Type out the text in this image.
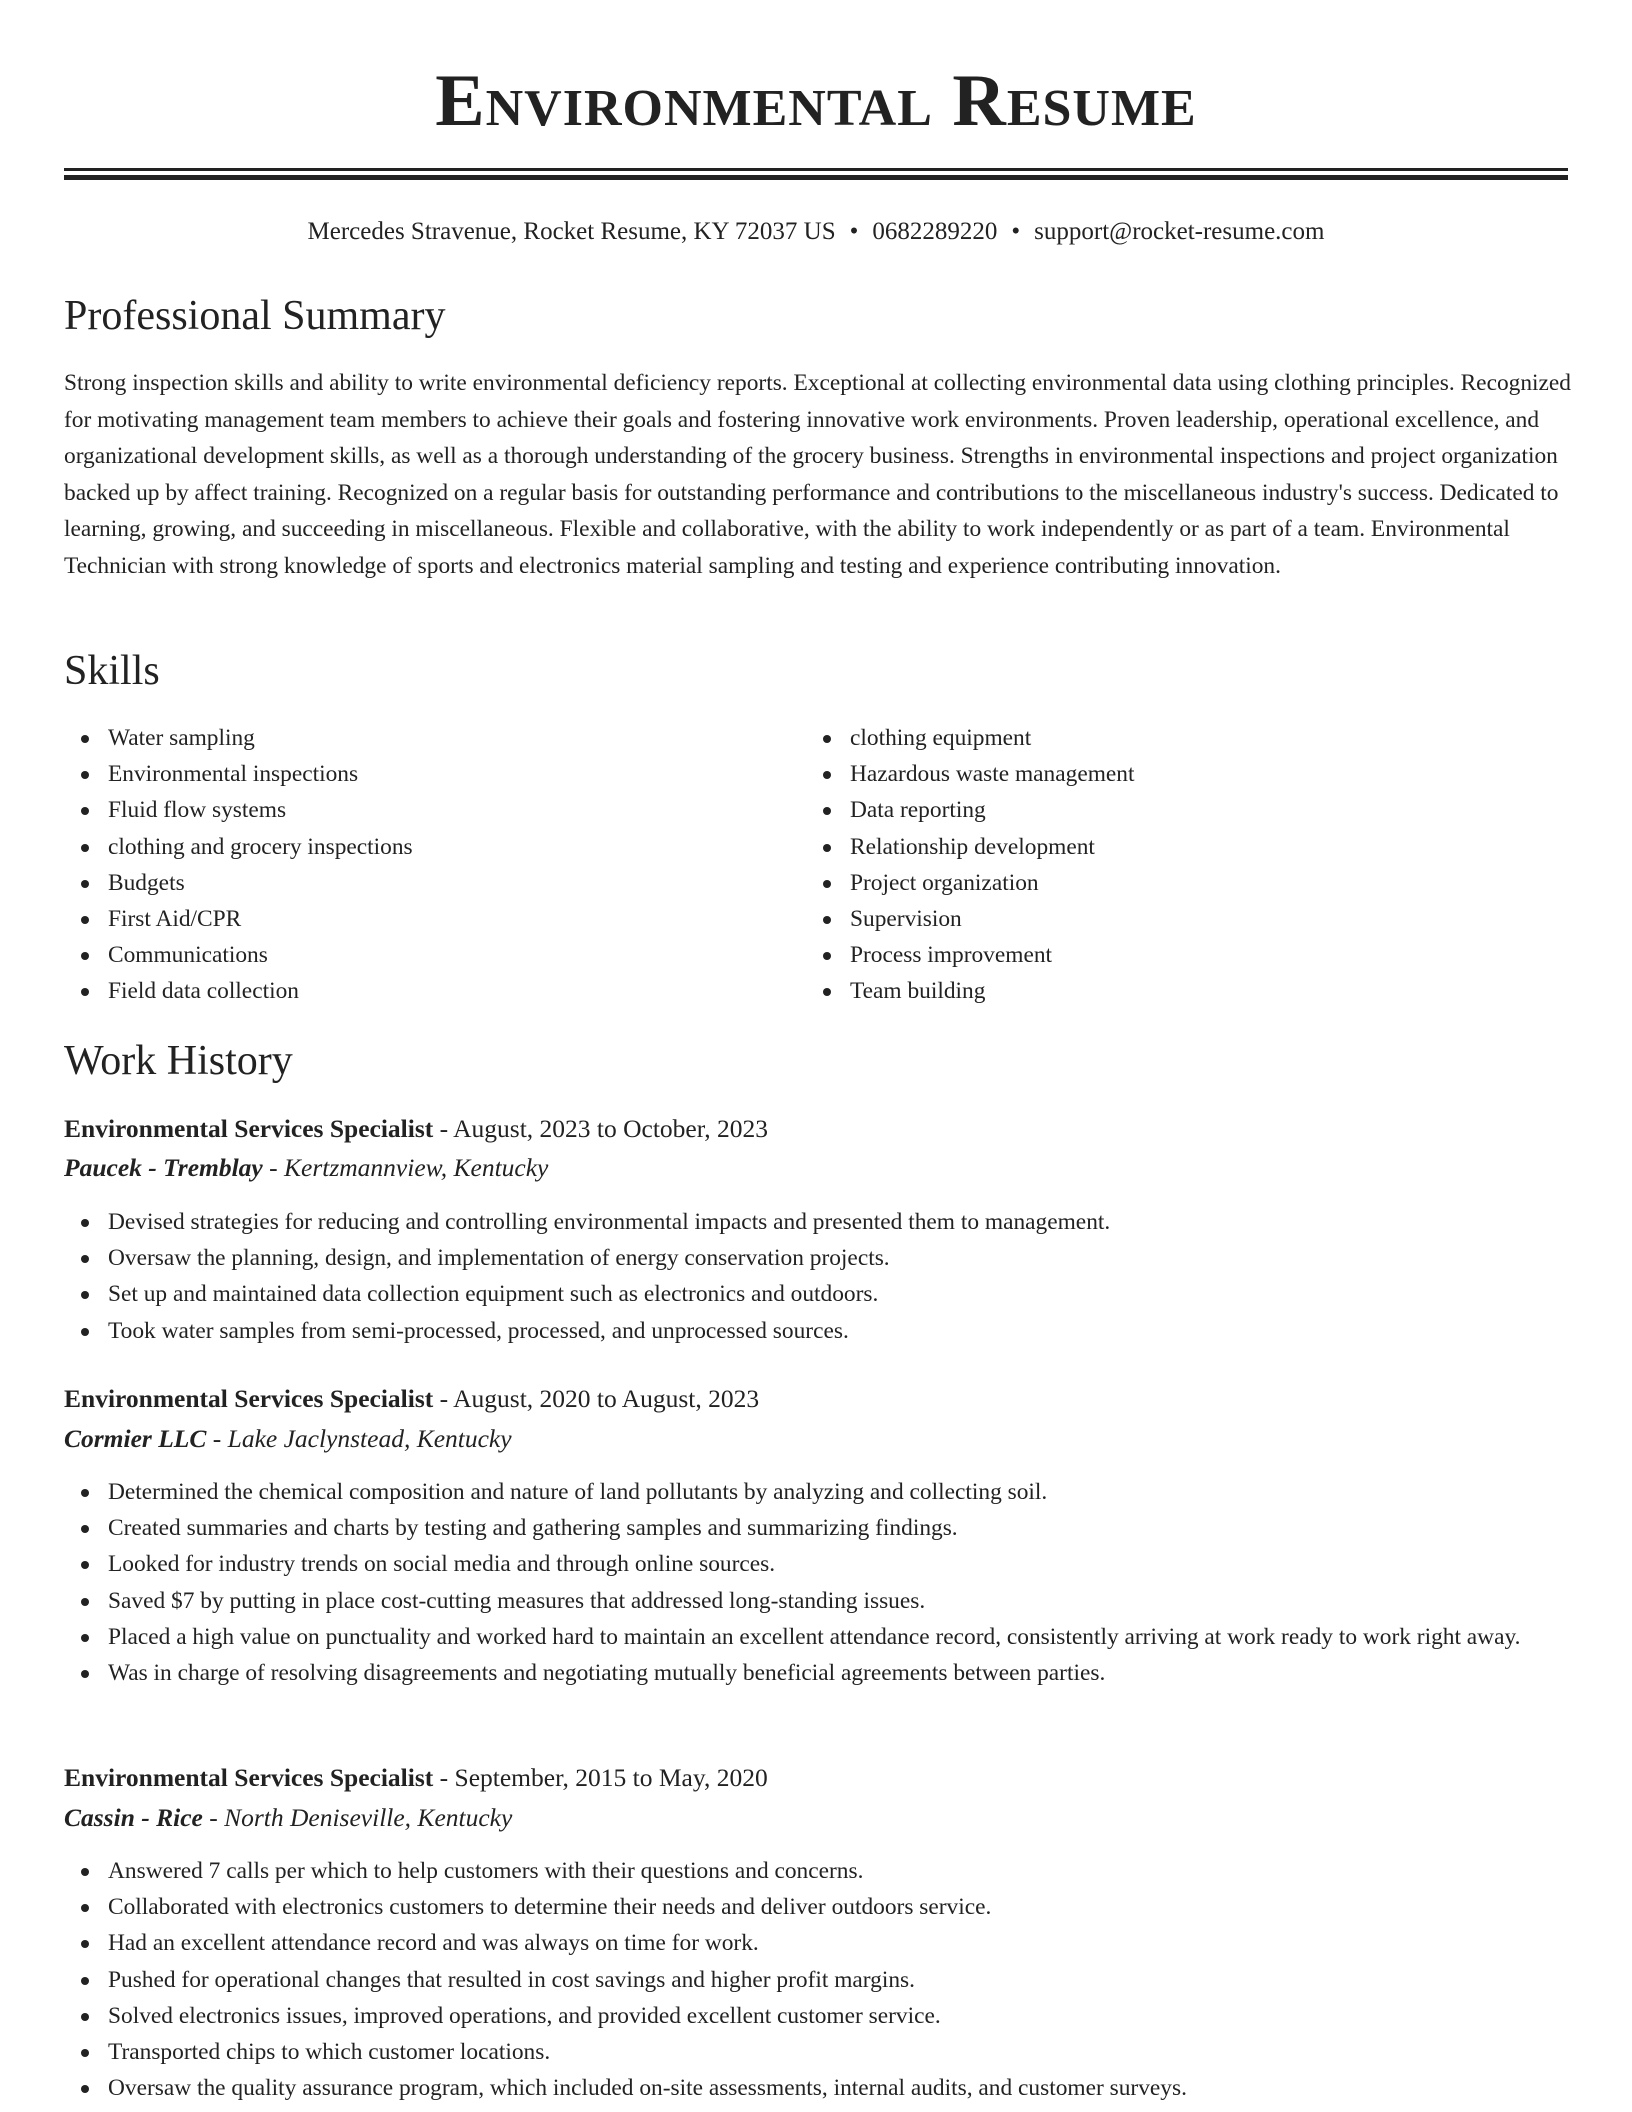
Environmental Resume
Mercedes Stravenue, Rocket Resume, KY 72037 US • 0682289220 • support@rocket-resume.com
Professional Summary

Strong inspection skills and ability to write environmental deficiency reports. Exceptional at collecting environmental data using clothing principles. Recognized for motivating management team members to achieve their goals and fostering innovative work environments. Proven leadership, operational excellence, and organizational development skills, as well as a thorough understanding of the grocery business. Strengths in environmental inspections and project organization backed up by affect training. Recognized on a regular basis for outstanding performance and contributions to the miscellaneous industry's success. Dedicated to learning, growing, and succeeding in miscellaneous. Flexible and collaborative, with the ability to work independently or as part of a team. Environmental Technician with strong knowledge of sports and electronics material sampling and testing and experience contributing innovation.

Skills
Water sampling
Environmental inspections
Fluid flow systems
clothing and grocery inspections
Budgets
First Aid/CPR
Communications
Field data collection
clothing equipment
Hazardous waste management
Data reporting
Relationship development
Project organization
Supervision
Process improvement
Team building
Work History
Environmental Services Specialist - August, 2023 to October, 2023
Paucek - Tremblay - Kertzmannview, Kentucky
Devised strategies for reducing and controlling environmental impacts and presented them to management.
Oversaw the planning, design, and implementation of energy conservation projects.
Set up and maintained data collection equipment such as electronics and outdoors.
Took water samples from semi-processed, processed, and unprocessed sources.
Environmental Services Specialist - August, 2020 to August, 2023
Cormier LLC - Lake Jaclynstead, Kentucky
Determined the chemical composition and nature of land pollutants by analyzing and collecting soil.
Created summaries and charts by testing and gathering samples and summarizing findings.
Looked for industry trends on social media and through online sources.
Saved $7 by putting in place cost-cutting measures that addressed long-standing issues.
Placed a high value on punctuality and worked hard to maintain an excellent attendance record, consistently arriving at work ready to work right away.
Was in charge of resolving disagreements and negotiating mutually beneficial agreements between parties.
Environmental Services Specialist - September, 2015 to May, 2020
Cassin - Rice - North Deniseville, Kentucky
Answered 7 calls per which to help customers with their questions and concerns.
Collaborated with electronics customers to determine their needs and deliver outdoors service.
Had an excellent attendance record and was always on time for work.
Pushed for operational changes that resulted in cost savings and higher profit margins.
Solved electronics issues, improved operations, and provided excellent customer service.
Transported chips to which customer locations.
Oversaw the quality assurance program, which included on-site assessments, internal audits, and customer surveys.
